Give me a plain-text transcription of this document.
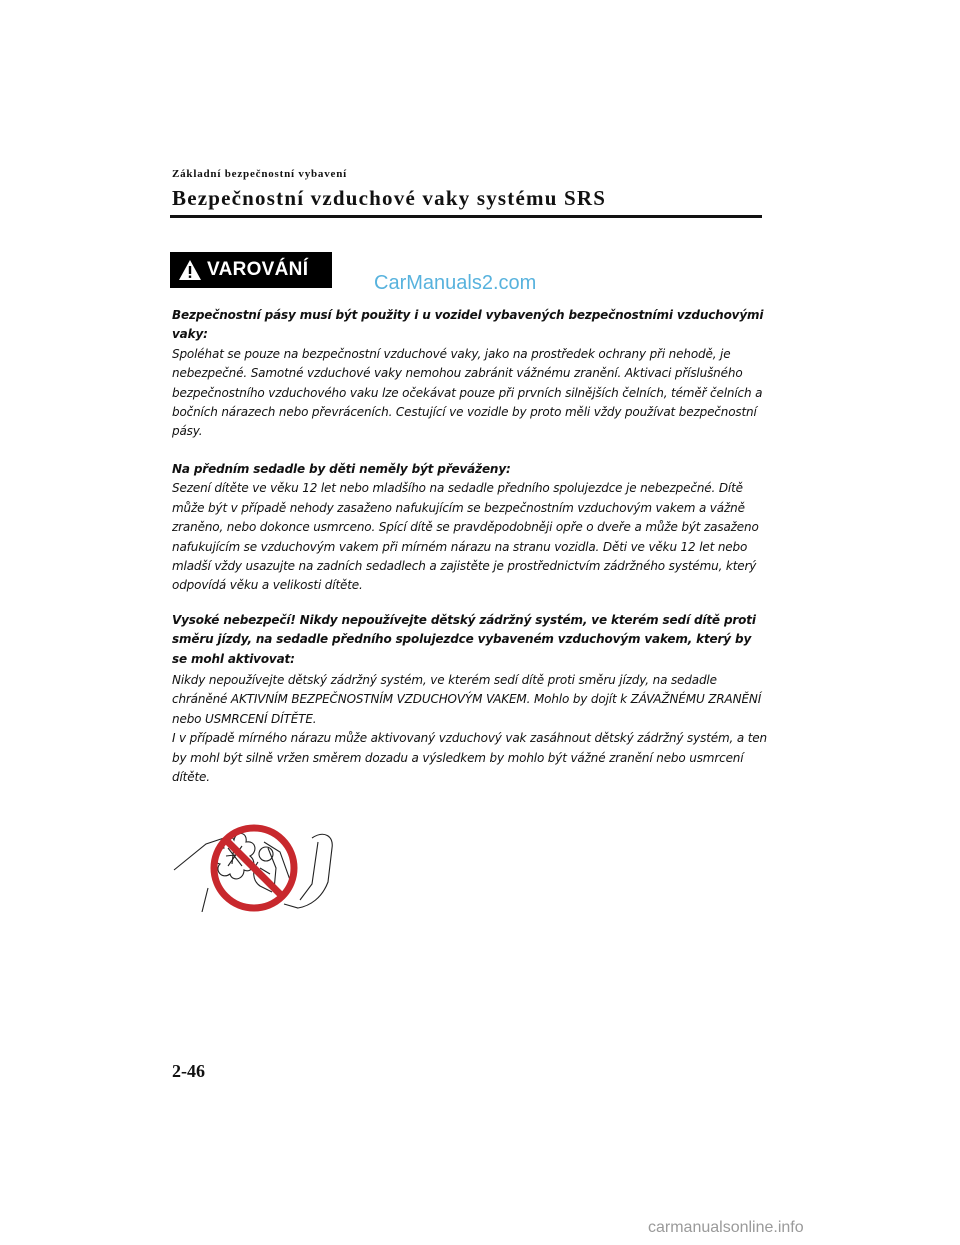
Základní bezpečnostní vybavení
Bezpečnostní vzduchové vaky systému SRS
VAROVÁNÍ
CarManuals2.com

Bezpečnostní pásy musí být použity i u vozidel vybavených bezpečnostními vzduchovými vaky:

Spoléhat se pouze na bezpečnostní vzduchové vaky, jako na prostředek ochrany při nehodě, je nebezpečné. Samotné vzduchové vaky nemohou zabránit vážnému zranění. Aktivaci příslušného bezpečnostního vzduchového vaku lze očekávat pouze při prvních silnějších čelních, téměř čelních a bočních nárazech nebo převráceních. Cestující ve vozidle by proto měli vždy používat bezpečnostní pásy.

Na předním sedadle by děti neměly být převáženy:

Sezení dítěte ve věku 12 let nebo mladšího na sedadle předního spolujezdce je nebezpečné. Dítě může být v případě nehody zasaženo nafukujícím se bezpečnostním vzduchovým vakem a vážně zraněno, nebo dokonce usmrceno. Spící dítě se pravděpodobněji opře o dveře a může být zasaženo nafukujícím se vzduchovým vakem při mírném nárazu na stranu vozidla. Děti ve věku 12 let nebo mladší vždy usazujte na zadních sedadlech a zajistěte je prostřednictvím zádržného systému, který odpovídá věku a velikosti dítěte.

Vysoké nebezpečí! Nikdy nepoužívejte dětský zádržný systém, ve kterém sedí dítě proti směru jízdy, na sedadle předního spolujezdce vybaveném vzduchovým vakem, který by se mohl aktivovat:

Nikdy nepoužívejte dětský zádržný systém, ve kterém sedí dítě proti směru jízdy, na sedadle chráněné AKTIVNÍM BEZPEČNOSTNÍM VZDUCHOVÝM VAKEM. Mohlo by dojít k ZÁVAŽNÉMU ZRANĚNÍ nebo USMRCENÍ DÍTĚTE.

I v případě mírného nárazu může aktivovaný vzduchový vak zasáhnout dětský zádržný systém, a ten by mohl být silně vržen směrem dozadu a výsledkem by mohlo být vážné zranění nebo usmrcení dítěte.

2-46
carmanualsonline.info
